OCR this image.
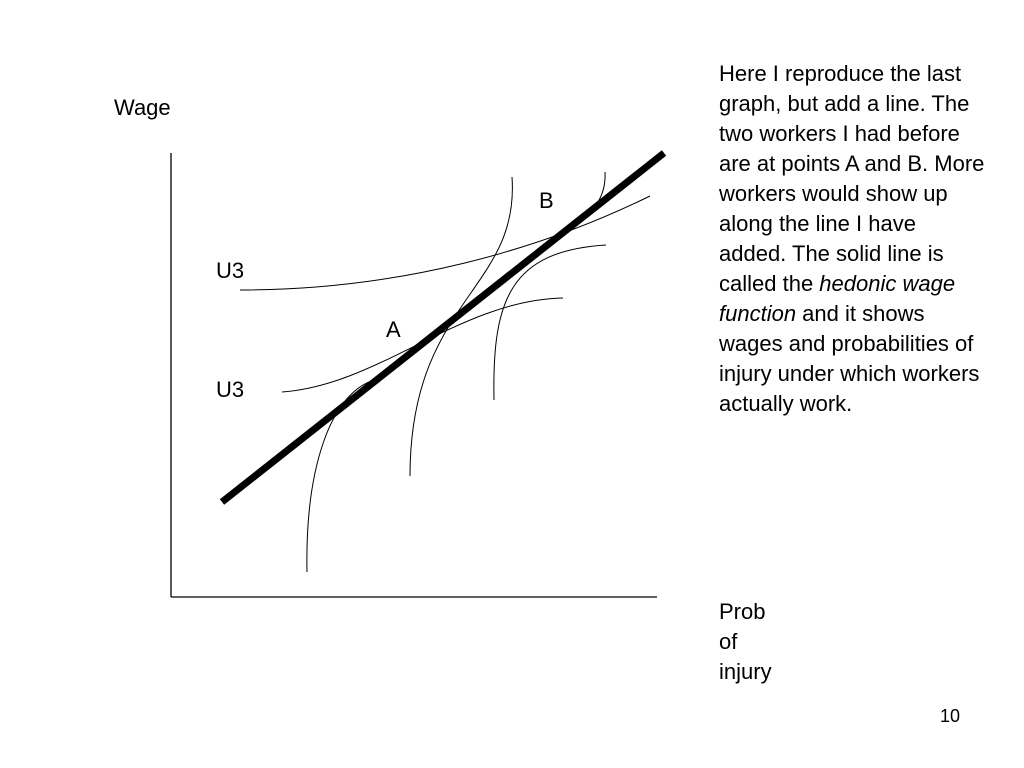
Wage
U3
U3
A
B

Here I reproduce the last graph, but add a line. The two workers I had before are at points A and B. More workers would show up along the line I have added. The solid line is called the hedonic wage function and it shows wages and probabilities of injury under which workers actually work.

Prob
of
injury
10
